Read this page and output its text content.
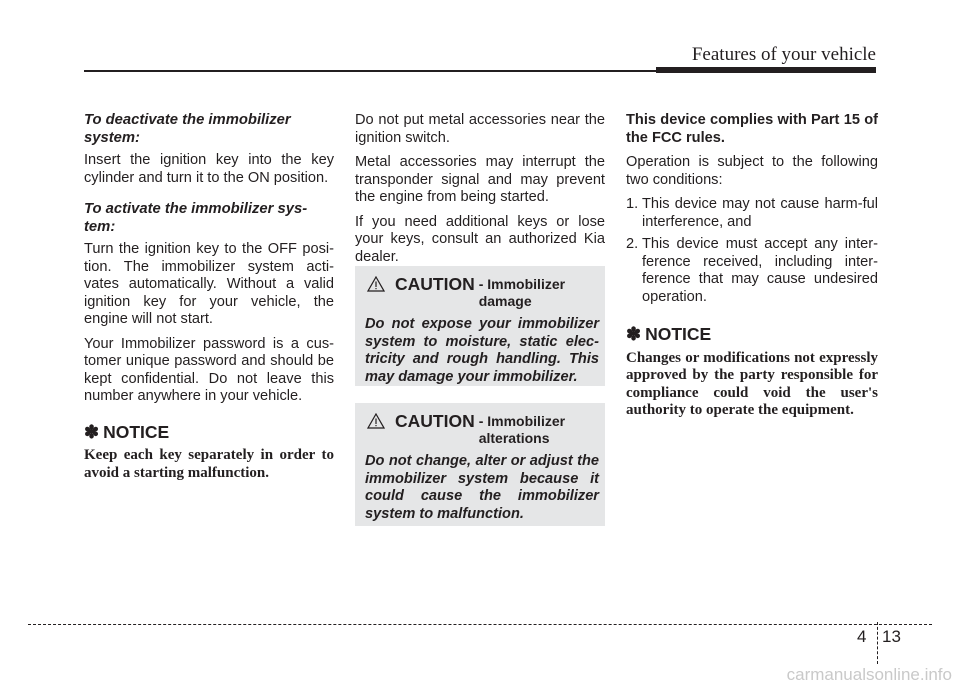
Features of your vehicle
To deactivate the immobilizer system:

Insert the ignition key into the key cylinder and turn it to the ON position.

To activate the immobilizer sys-tem:

Turn the ignition key to the OFF posi-tion. The immobilizer system acti-vates automatically. Without a valid ignition key for your vehicle, the engine will not start.

Your Immobilizer password is a cus-tomer unique password and should be kept confidential. Do not leave this number anywhere in your vehicle.

✽ NOTICE

Keep each key separately in order to avoid a starting malfunction.

Do not put metal accessories near the ignition switch.

Metal accessories may interrupt the transponder signal and may prevent the engine from being started.

If you need additional keys or lose your keys, consult an authorized Kia dealer.

CAUTION - Immobilizer damage

Do not expose your immobilizer system to moisture, static elec-tricity and rough handling. This may damage your immobilizer.

CAUTION - Immobilizer alterations

Do not change, alter or adjust the immobilizer system because it could cause the immobilizer system to malfunction.

This device complies with Part 15 of the FCC rules.

Operation is subject to the following two conditions:

1. This device may not cause harm-ful interference, and
2. This device must accept any inter-ference received, including inter-ference that may cause undesired operation.
✽ NOTICE

Changes or modifications not expressly approved by the party responsible for compliance could void the user's authority to operate the equipment.

4 13
carmanualsonline.info
